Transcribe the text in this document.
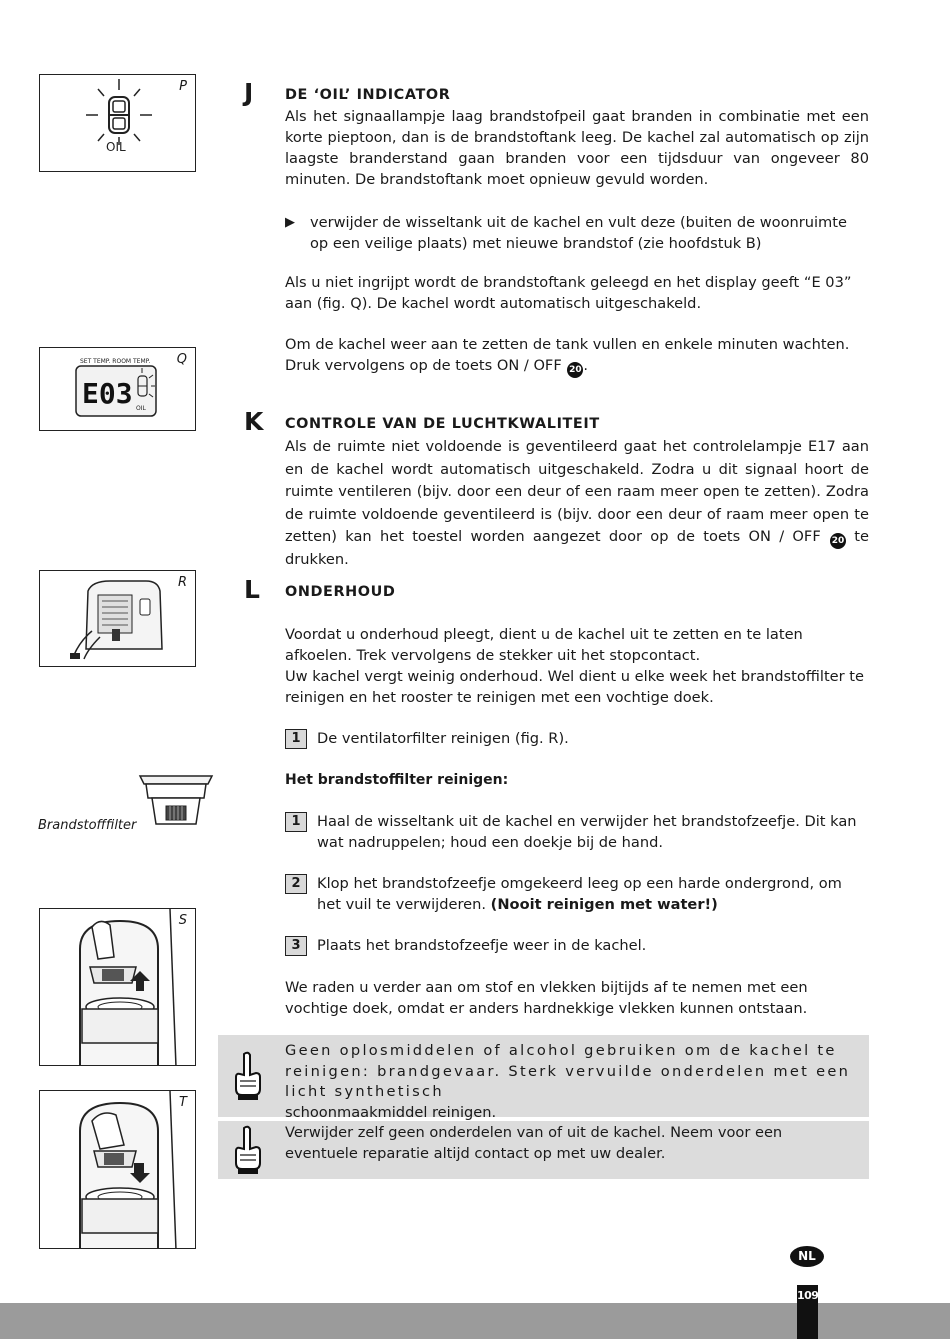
P
OIL
Q
SET TEMP. ROOM TEMP.
E03 OIL
R
Brandstofffilter
S
T
J DE ‘OIL’ INDICATOR

Als het signaallampje laag brandstofpeil gaat branden in combinatie met een korte pieptoon, dan is de brandstoftank leeg. De kachel zal automatisch op zijn laagste branderstand gaan branden voor een tijdsduur van ongeveer 80 minuten. De brandstoftank moet opnieuw gevuld worden.

▶ verwijder de wisseltank uit de kachel en vult deze (buiten de woonruimte op een veilige plaats) met nieuwe brandstof (zie hoofdstuk B)

Als u niet ingrijpt wordt de brandstoftank geleegd en het display geeft “E 03” aan (fig. Q). De kachel wordt automatisch uitgeschakeld.

Om de kachel weer aan te zetten de tank vullen en enkele minuten wachten. Druk vervolgens op de toets ON / OFF 20 .

K CONTROLE VAN DE LUCHTKWALITEIT

Als de ruimte niet voldoende is geventileerd gaat het controlelampje E17 aan en de kachel wordt automatisch uitgeschakeld. Zodra u dit signaal hoort de ruimte ventileren (bijv. door een deur of een raam meer open te zetten). Zodra de ruimte voldoende geventileerd is (bijv. door een deur of raam meer open te zetten) kan het toestel worden aangezet door op de toets ON / OFF 20 te drukken.

L ONDERHOUD

Voordat u onderhoud pleegt, dient u de kachel uit te zetten en te laten afkoelen. Trek vervolgens de stekker uit het stopcontact.

Uw kachel vergt weinig onderhoud. Wel dient u elke week het brandstoffilter te reinigen en het rooster te reinigen met een vochtige doek.

1	De ventilatorfilter reinigen (fig. R).

Het brandstoffilter reinigen:

1	Haal de wisseltank uit de kachel en verwijder het brandstofzeefje. Dit kan wat nadruppelen; houd een doekje bij de hand.
2	Klop het brandstofzeefje omgekeerd leeg op een harde ondergrond, om het vuil te verwijderen. (Nooit reinigen met water!)
3	Plaats het brandstofzeefje weer in de kachel.

We raden u verder aan om stof en vlekken bijtijds af te nemen met een vochtige doek, omdat er anders hardnekkige vlekken kunnen ontstaan.

Geen oplosmiddelen of alcohol gebruiken om de kachel te reinigen: brandgevaar. Sterk vervuilde onderdelen met een licht synthetisch
schoonmaakmiddel reinigen.
Verwijder zelf geen onderdelen van of uit de kachel. Neem voor een eventuele reparatie altijd contact op met uw dealer.
NL
109
